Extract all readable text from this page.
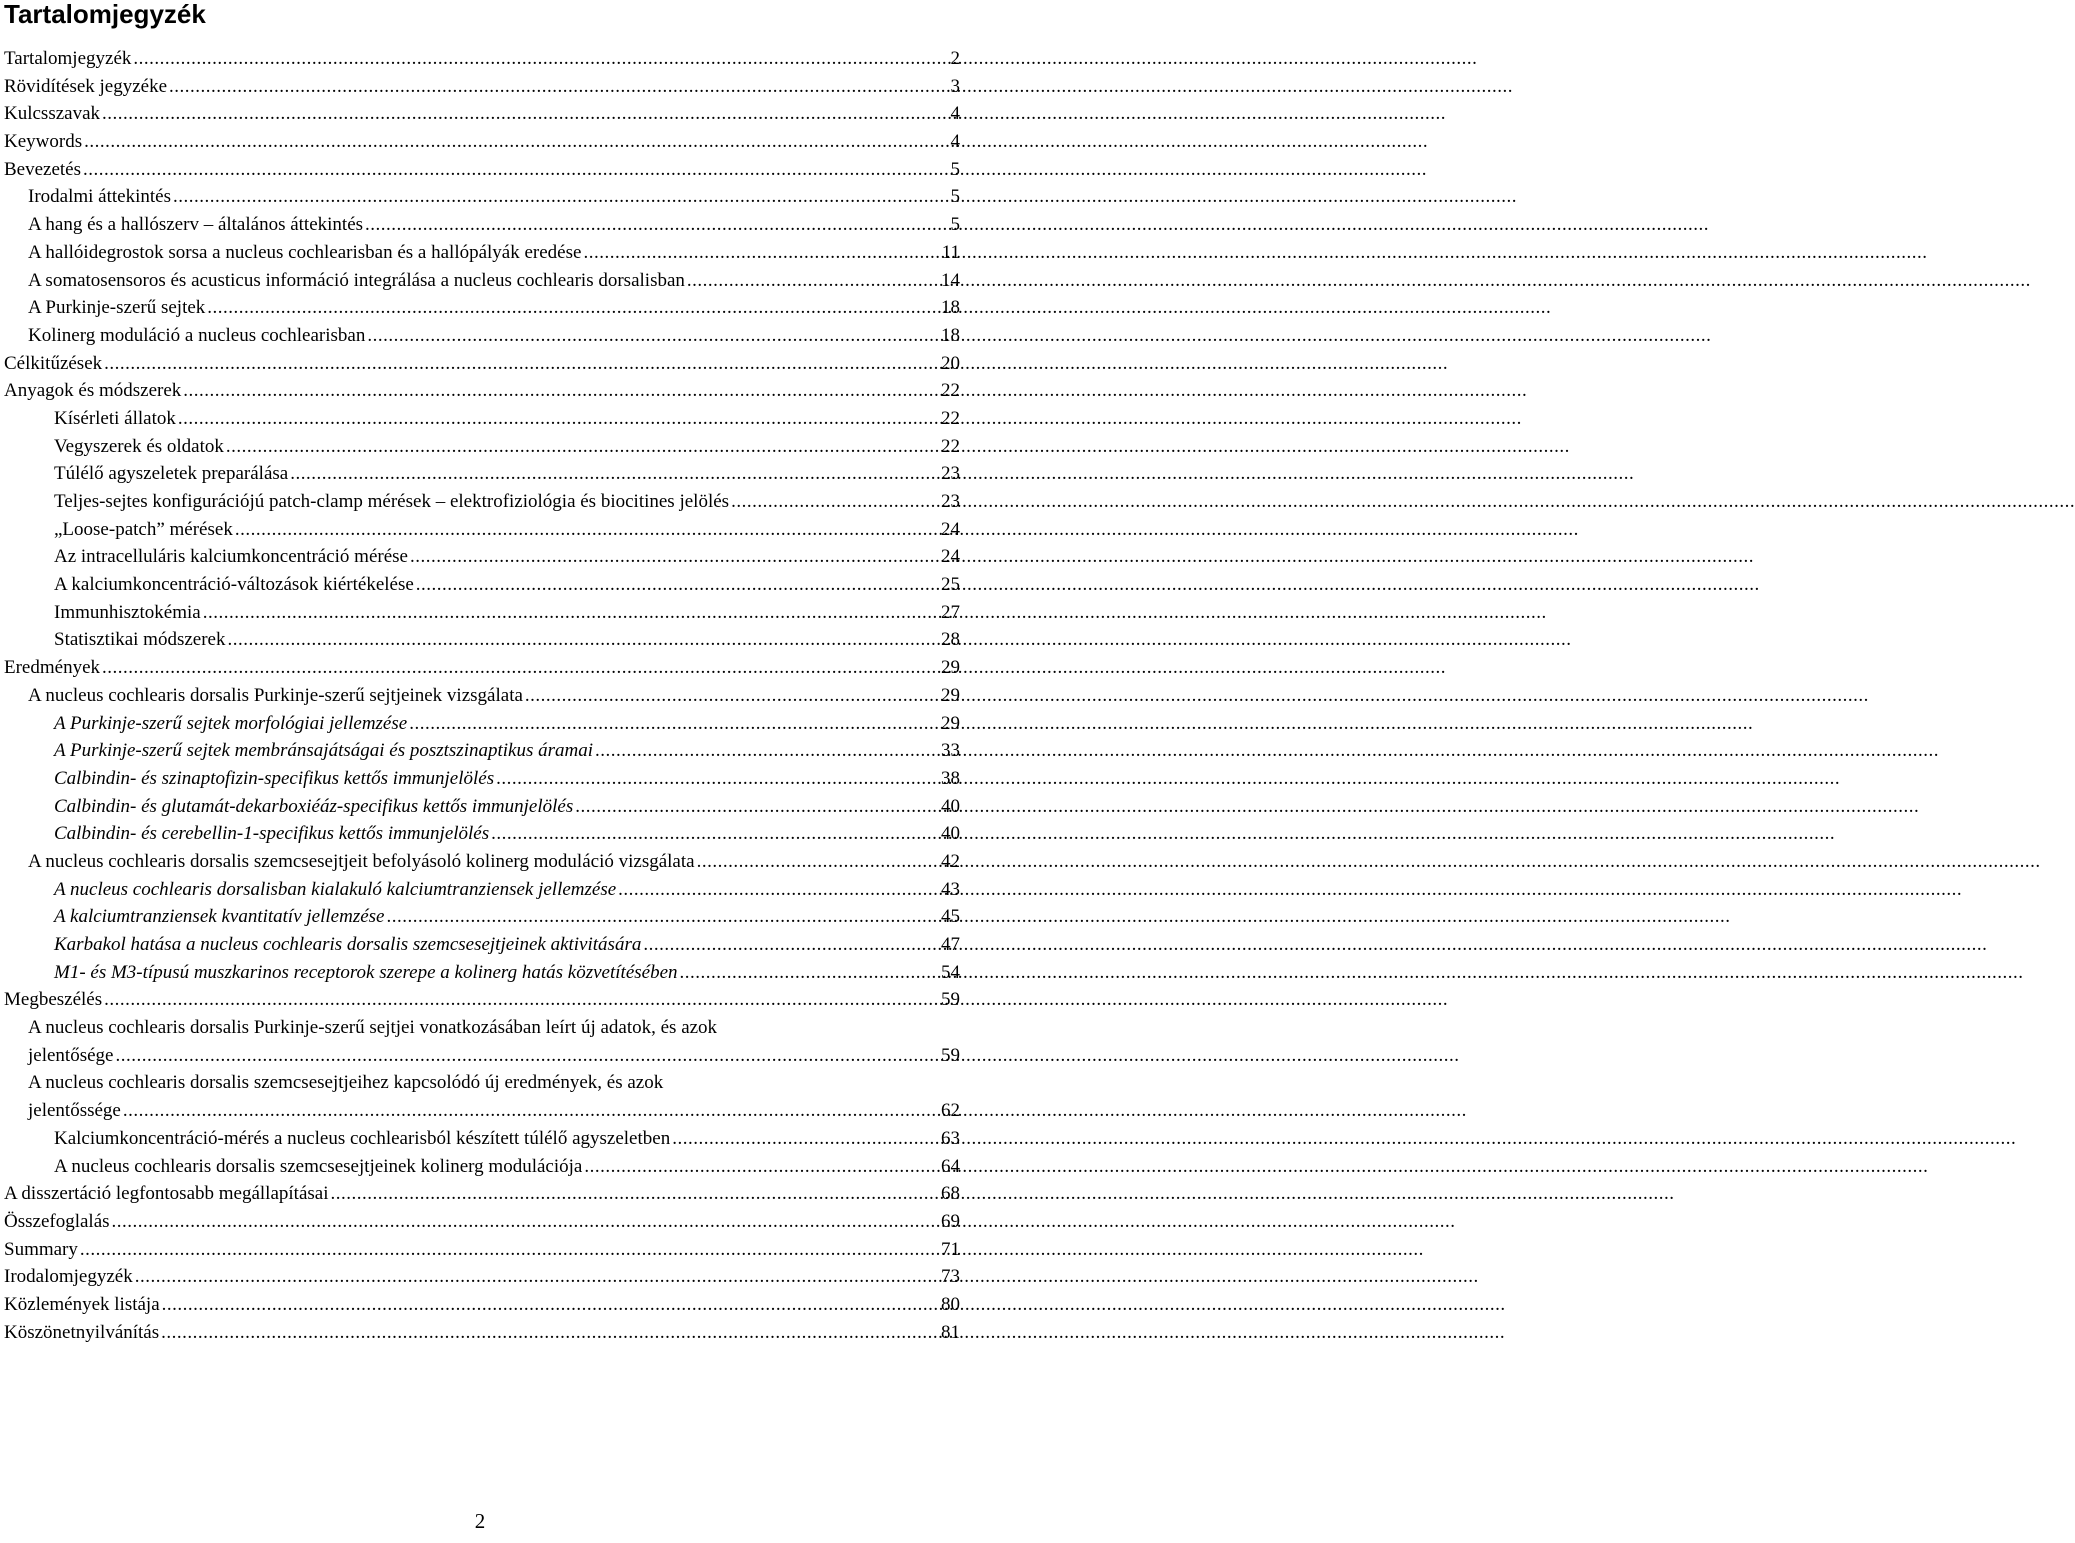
Tartalomjegyzék
Tartalomjegyzék .....	2
Rövidítések jegyzéke .....	3
Kulcsszavak .....	4
Keywords .....	4
Bevezetés .....	5
Irodalmi áttekintés .....	5
A hang és a hallószerv – általános áttekintés .....	5
A hallóidegrostok sorsa a nucleus cochlearisban és a hallópályák eredése .....	11
A somatosensoros és acusticus információ integrálása a nucleus cochlearis dorsalisban .....	14
A Purkinje-szerű sejtek .....	18
Kolinerg moduláció a nucleus cochlearisban .....	18
Célkitűzések .....	20
Anyagok és módszerek .....	22
Kísérleti állatok .....	22
Vegyszerek és oldatok .....	22
Túlélő agyszeletek preparálása .....	23
Teljes-sejtes konfigurációjú patch-clamp mérések – elektrofiziológia és biocitines jelölés .....	23
„Loose-patch” mérések .....	24
Az intracelluláris kalciumkoncentráció mérése .....	24
A kalciumkoncentráció-változások kiértékelése .....	25
Immunhisztokémia .....	27
Statisztikai módszerek .....	28
Eredmények .....	29
A nucleus cochlearis dorsalis Purkinje-szerű sejtjeinek vizsgálata .....	29
A Purkinje-szerű sejtek morfológiai jellemzése .....	29
A Purkinje-szerű sejtek membránsajátságai és posztszinaptikus áramai .....	33
Calbindin- és szinaptofizin-specifikus kettős immunjelölés .....	38
Calbindin- és glutamát-dekarboxiéáz-specifikus kettős immunjelölés .....	40
Calbindin- és cerebellin-1-specifikus kettős immunjelölés .....	40
A nucleus cochlearis dorsalis szemcsesejtjeit befolyásoló kolinerg moduláció vizsgálata .....	42
A nucleus cochlearis dorsalisban kialakuló kalciumtranziensek jellemzése .....	43
A kalciumtranziensek kvantitatív jellemzése .....	45
Karbakol hatása a nucleus cochlearis dorsalis szemcsesejtjeinek aktivitására .....	47
M1- és M3-típusú muszkarinos receptorok szerepe a kolinerg hatás közvetítésében .....	54
Megbeszélés .....	59
A nucleus cochlearis dorsalis Purkinje-szerű sejtjei vonatkozásában leírt új adatok, és azok
jelentősége .....	59
A nucleus cochlearis dorsalis szemcsesejtjeihez kapcsolódó új eredmények, és azok
jelentőssége .....	62
Kalciumkoncentráció-mérés a nucleus cochlearisból készített túlélő agyszeletben .....	63
A nucleus cochlearis dorsalis szemcsesejtjeinek kolinerg modulációja .....	64
A disszertáció legfontosabb megállapításai .....	68
Összefoglalás .....	69
Summary .....	71
Irodalomjegyzék .....	73
Közlemények listája .....	80
Köszönetnyilvánítás .....	81
2
